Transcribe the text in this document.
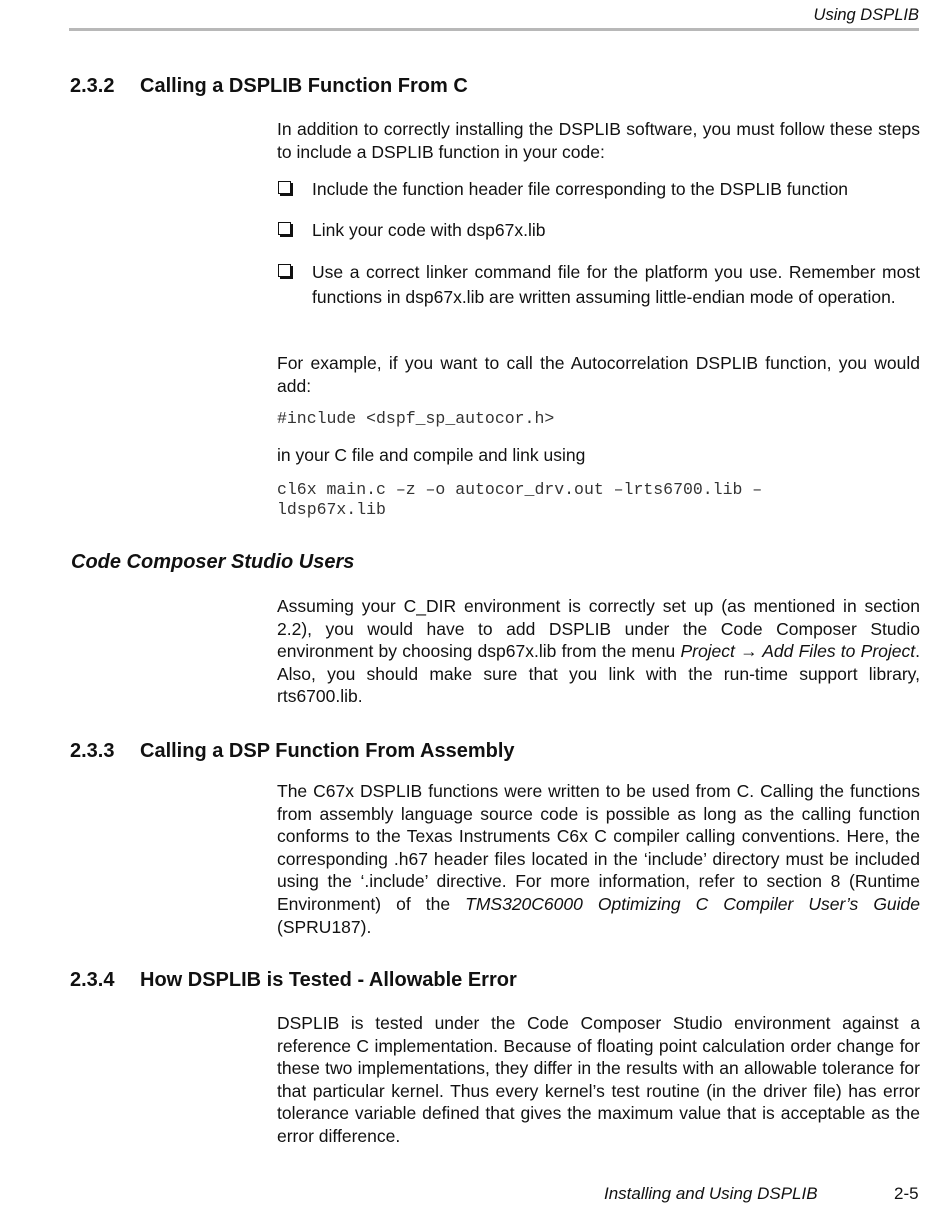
Using DSPLIB
2.3.2 Calling a DSPLIB Function From C

In addition to correctly installing the DSPLIB software, you must follow these steps to include a DSPLIB function in your code:

Include the function header file corresponding to the DSPLIB function
Link your code with dsp67x.lib
Use a correct linker command file for the platform you use. Remember most functions in dsp67x.lib are written assuming little-endian mode of operation.

For example, if you want to call the Autocorrelation DSPLIB function, you would add:

#include <dspf_sp_autocor.h>

in your C file and compile and link using

cl6x main.c –z –o autocor_drv.out –lrts6700.lib –
ldsp67x.lib
Code Composer Studio Users

Assuming your C_DIR environment is correctly set up (as mentioned in section 2.2), you would have to add DSPLIB under the Code Composer Studio environment by choosing dsp67x.lib from the menu Project → Add Files to Project. Also, you should make sure that you link with the run-time support library, rts6700.lib.

2.3.3 Calling a DSP Function From Assembly

The C67x DSPLIB functions were written to be used from C. Calling the functions from assembly language source code is possible as long as the calling function conforms to the Texas Instruments C6x C compiler calling conventions. Here, the corresponding .h67 header files located in the ‘include’ directory must be included using the ‘.include’ directive. For more information, refer to section 8 (Runtime Environment) of the TMS320C6000 Optimizing C Compiler User’s Guide (SPRU187).

2.3.4 How DSPLIB is Tested - Allowable Error

DSPLIB is tested under the Code Composer Studio environment against a reference C implementation. Because of floating point calculation order change for these two implementations, they differ in the results with an allowable tolerance for that particular kernel. Thus every kernel’s test routine (in the driver file) has error tolerance variable defined that gives the maximum value that is acceptable as the error difference.

Installing and Using DSPLIB	2-5
